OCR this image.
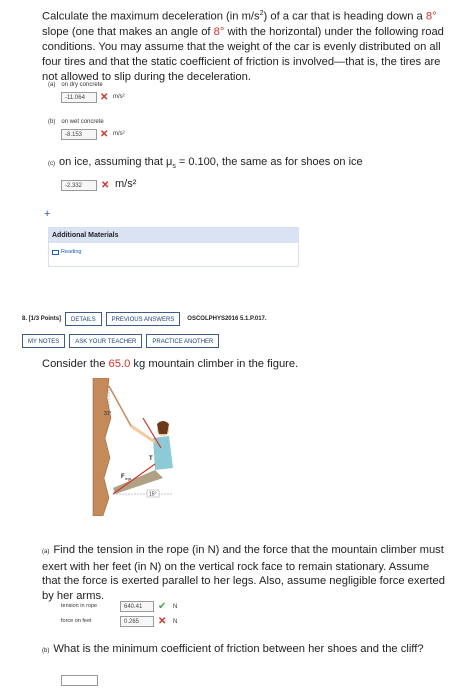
Calculate the maximum deceleration (in $m/s^2$) of a car that is heading down a 8° slope (one that makes an angle of 8° with the horizontal) under the following road conditions. You may assume that the weight of the car is evenly distributed on all four tires and that the static coefficient of friction is involved—that is, the tires are not allowed to slip during the deceleration.
(a) on dry concrete
-11.064	✕ m/s²
(b) on wet concrete
-8.153	✕ m/s²
(c) on ice, assuming that $\mu_s = 0.100$, the same as for shoes on ice
-2.332	✕ m/s²
+
Additional Materials
Reading
8. [1/3 Points]	DETAILS	PREVIOUS ANSWERS	OSCOLPHYS2016 5.1.P.017.
MY NOTES	ASK YOUR TEACHER	PRACTICE ANOTHER
Consider the 65.0 kg mountain climber in the figure.
31°
T
F legs
15°
(a) Find the tension in the rope (in N) and the force that the mountain climber must exert with her feet (in N) on the vertical rock face to remain stationary. Assume that the force is exerted parallel to her legs. Also, assume negligible force exerted by her arms.
tension in rope	640.41	✔ N
force on feet	0.265	✕ N
(b) What is the minimum coefficient of friction between her shoes and the cliff?
